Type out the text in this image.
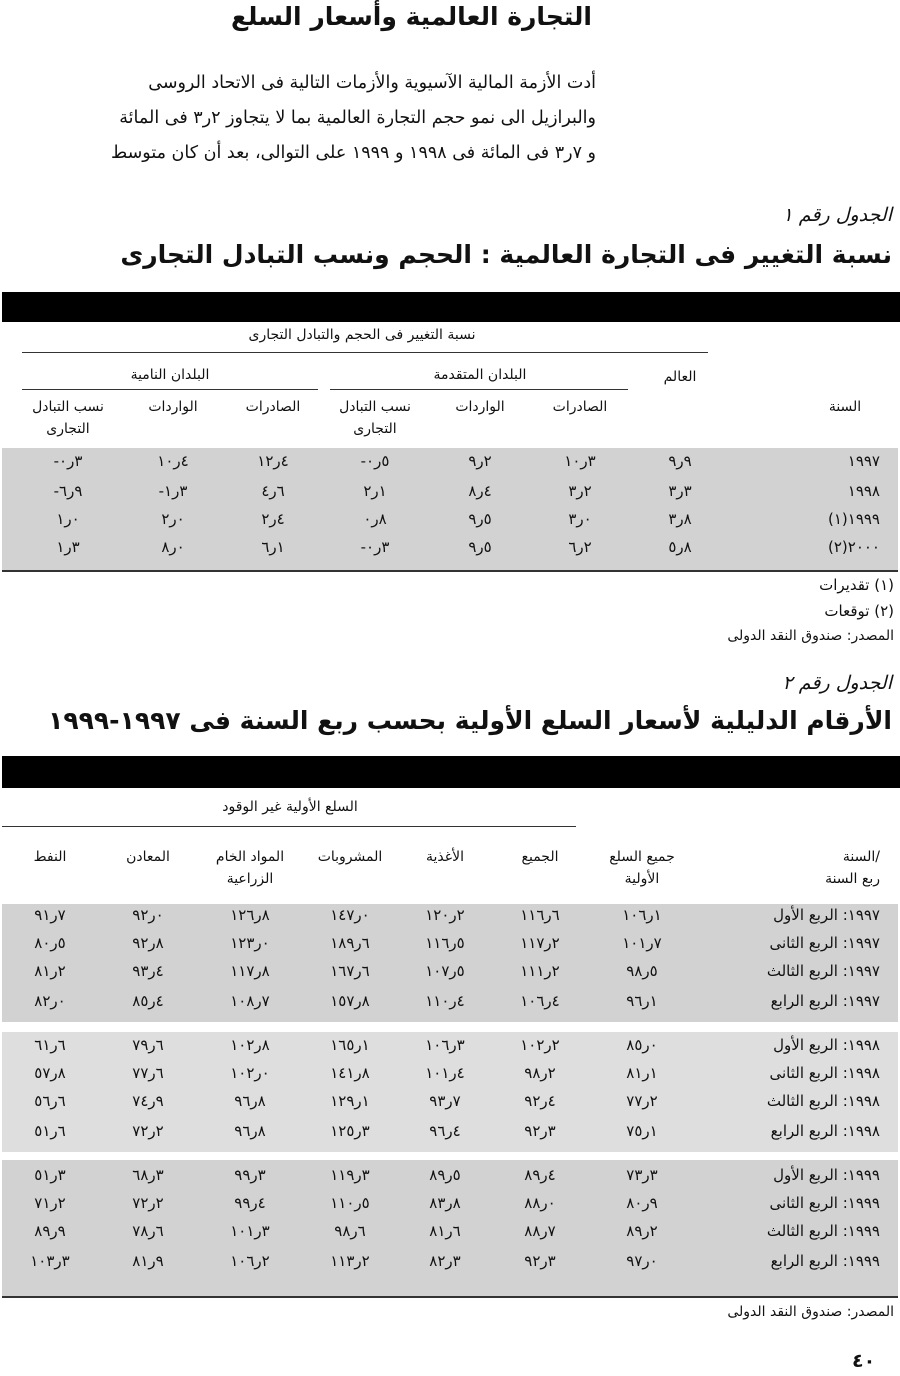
التجارة العالمية وأسعار السلع

أدت الأزمة المالية الآسيوية والأزمات التالية فى الاتحاد الروسى

والبرازيل الى نمو حجم التجارة العالمية بما لا يتجاوز ٢ر٣ فى المائة

و ٧ر٣ فى المائة فى ١٩٩٨ و ١٩٩٩ على التوالى، بعد أن كان متوسط

الجدول رقم ١
نسبة التغيير فى التجارة العالمية : الحجم ونسب التبادل التجارى
نسبة التغيير فى الحجم والتبادل التجارى
العالم
البلدان المتقدمة
البلدان النامية
السنة
الصادرات
الواردات
نسب التبادل
التجارى
الصادرات
الواردات
نسب التبادل
التجارى
١٩٩٧
٩ر٩
٣ر١٠
٢ر٩
-٥ر٠
٤ر١٢
٤ر١٠
-٣ر٠
١٩٩٨
٣ر٣
٢ر٣
٤ر٨
١ر٢
٦ر٤
-٣ر١
-٩ر٦
(١)١٩٩٩
٨ر٣
٠ر٣
٥ر٩
٨ر٠
٤ر٢
٠ر٢
٠ر١
(٢)٢٠٠٠
٨ر٥
٢ر٦
٥ر٩
-٣ر٠
١ر٦
٠ر٨
٣ر١
(١) تقديرات
(٢) توقعات
المصدر: صندوق النقد الدولى
الجدول رقم ٢
الأرقام الدليلية لأسعار السلع الأولية بحسب ربع السنة فى ١٩٩٧-١٩٩٩
السلع الأولية غير الوقود
السنة/
ربع السنة
جميع السلع
الأولية
الجميع
الأغذية
المشروبات
المواد الخام
الزراعية
المعادن
النفط
١٩٩٧: الربع الأول
١ر١٠٦
٦ر١١٦
٢ر١٢٠
٠ر١٤٧
٨ر١٢٦
٠ر٩٢
٧ر٩١
١٩٩٧: الربع الثانى
٧ر١٠١
٢ر١١٧
٥ر١١٦
٦ر١٨٩
٠ر١٢٣
٨ر٩٢
٥ر٨٠
١٩٩٧: الربع الثالث
٥ر٩٨
٢ر١١١
٥ر١٠٧
٦ر١٦٧
٨ر١١٧
٤ر٩٣
٢ر٨١
١٩٩٧: الربع الرابع
١ر٩٦
٤ر١٠٦
٤ر١١٠
٨ر١٥٧
٧ر١٠٨
٤ر٨٥
٠ر٨٢
١٩٩٨: الربع الأول
٠ر٨٥
٢ر١٠٢
٣ر١٠٦
١ر١٦٥
٨ر١٠٢
٦ر٧٩
٦ر٦١
١٩٩٨: الربع الثانى
١ر٨١
٢ر٩٨
٤ر١٠١
٨ر١٤١
٠ر١٠٢
٦ر٧٧
٨ر٥٧
١٩٩٨: الربع الثالث
٢ر٧٧
٤ر٩٢
٧ر٩٣
١ر١٢٩
٨ر٩٦
٩ر٧٤
٦ر٥٦
١٩٩٨: الربع الرابع
١ر٧٥
٣ر٩٢
٤ر٩٦
٣ر١٢٥
٨ر٩٦
٢ر٧٢
٦ر٥١
١٩٩٩: الربع الأول
٣ر٧٣
٤ر٨٩
٥ر٨٩
٣ر١١٩
٣ر٩٩
٣ر٦٨
٣ر٥١
١٩٩٩: الربع الثانى
٩ر٨٠
٠ر٨٨
٨ر٨٣
٥ر١١٠
٤ر٩٩
٢ر٧٢
٢ر٧١
١٩٩٩: الربع الثالث
٢ر٨٩
٧ر٨٨
٦ر٨١
٦ر٩٨
٣ر١٠١
٦ر٧٨
٩ر٨٩
١٩٩٩: الربع الرابع
٠ر٩٧
٣ر٩٢
٣ر٨٢
٢ر١١٣
٢ر١٠٦
٩ر٨١
٣ر١٠٣
المصدر: صندوق النقد الدولى
٤٠
